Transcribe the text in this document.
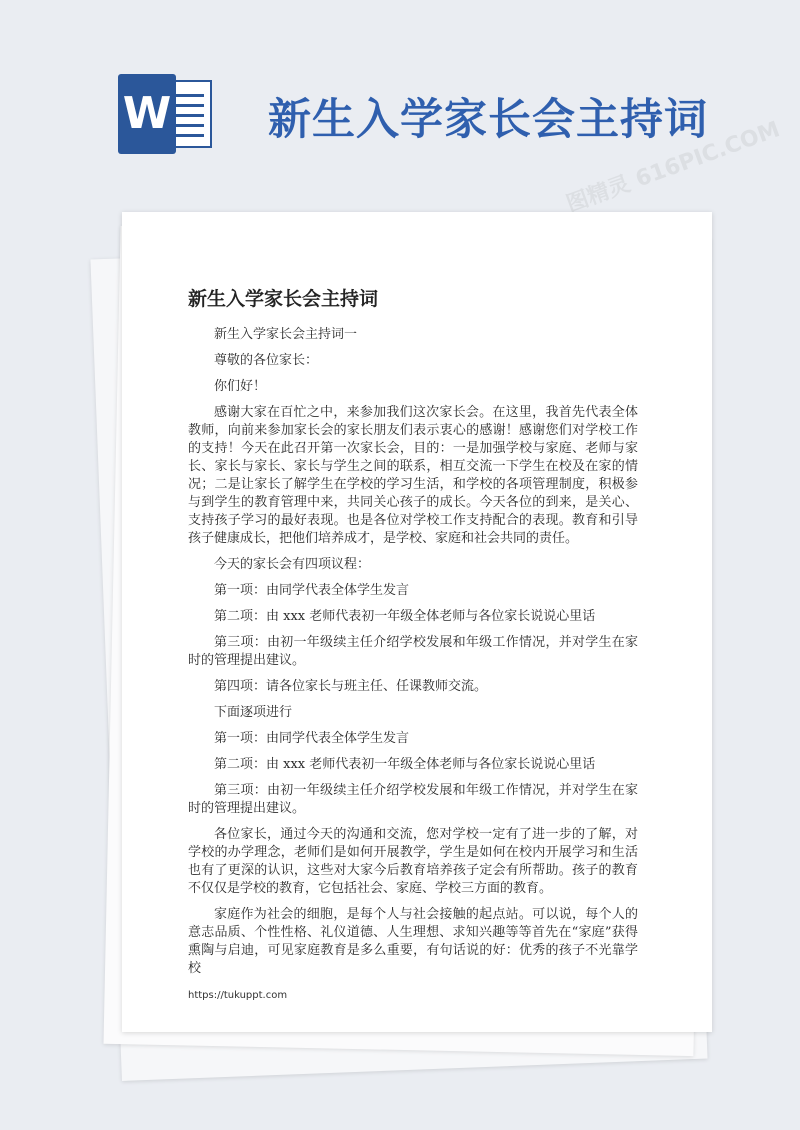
W 新生入学家长会主持词
图精灵 616PIC.COM
新生入学家长会主持词

新生入学家长会主持词一

尊敬的各位家长：

你们好！

感谢大家在百忙之中，来参加我们这次家长会。在这里，我首先代表全体教师，向前来参加家长会的家长朋友们表示衷心的感谢！感谢您们对学校工作的支持！今天在此召开第一次家长会，目的：一是加强学校与家庭、老师与家长、家长与家长、家长与学生之间的联系，相互交流一下学生在校及在家的情况；二是让家长了解学生在学校的学习生活，和学校的各项管理制度，积极参与到学生的教育管理中来，共同关心孩子的成长。今天各位的到来，是关心、支持孩子学习的最好表现。也是各位对学校工作支持配合的表现。教育和引导孩子健康成长，把他们培养成才，是学校、家庭和社会共同的责任。

今天的家长会有四项议程：

第一项：由同学代表全体学生发言

第二项：由 xxx 老师代表初一年级全体老师与各位家长说说心里话

第三项：由初一年级续主任介绍学校发展和年级工作情况，并对学生在家时的管理提出建议。

第四项：请各位家长与班主任、任课教师交流。

下面逐项进行

第一项：由同学代表全体学生发言

第二项：由 xxx 老师代表初一年级全体老师与各位家长说说心里话

第三项：由初一年级续主任介绍学校发展和年级工作情况，并对学生在家时的管理提出建议。

各位家长，通过今天的沟通和交流，您对学校一定有了进一步的了解，对学校的办学理念，老师们是如何开展教学，学生是如何在校内开展学习和生活也有了更深的认识，这些对大家今后教育培养孩子定会有所帮助。孩子的教育不仅仅是学校的教育，它包括社会、家庭、学校三方面的教育。

家庭作为社会的细胞，是每个人与社会接触的起点站。可以说，每个人的意志品质、个性性格、礼仪道德、人生理想、求知兴趣等等首先在“家庭”获得熏陶与启迪，可见家庭教育是多么重要，有句话说的好：优秀的孩子不光靠学校

https://tukuppt.com
